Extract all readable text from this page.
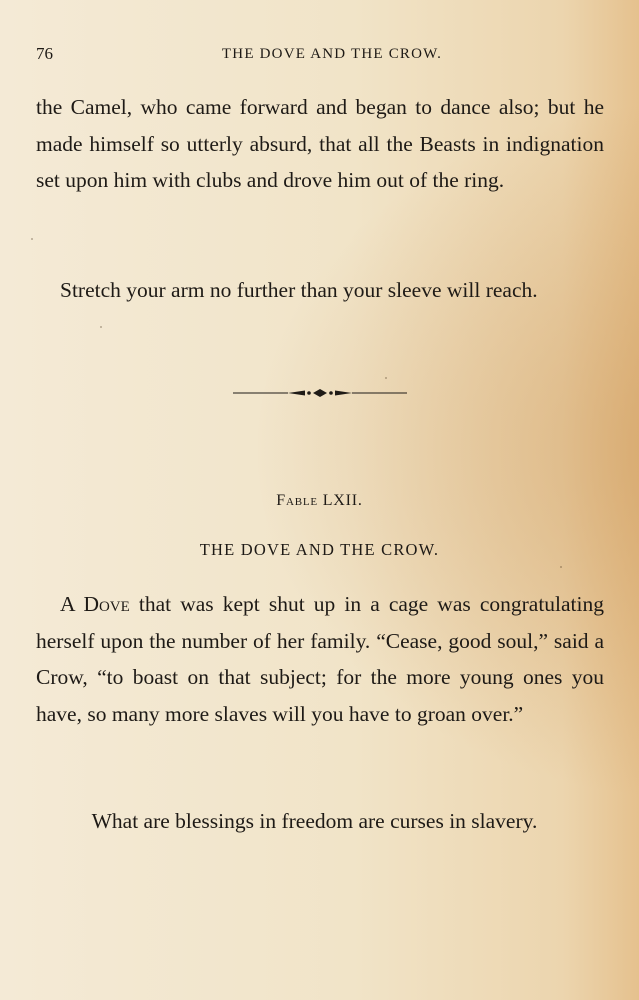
76	THE DOVE AND THE CROW.

the Camel, who came forward and began to dance also; but he made himself so utterly absurd, that all the Beasts in indignation set upon him with clubs and drove him out of the ring.

Stretch your arm no further than your sleeve will reach.

Fable LXII.
THE DOVE AND THE CROW.

A Dove that was kept shut up in a cage was congratulating herself upon the number of her family. “Cease, good soul,” said a Crow, “to boast on that subject; for the more young ones you have, so many more slaves will you have to groan over.”

What are blessings in freedom are curses in slavery.
